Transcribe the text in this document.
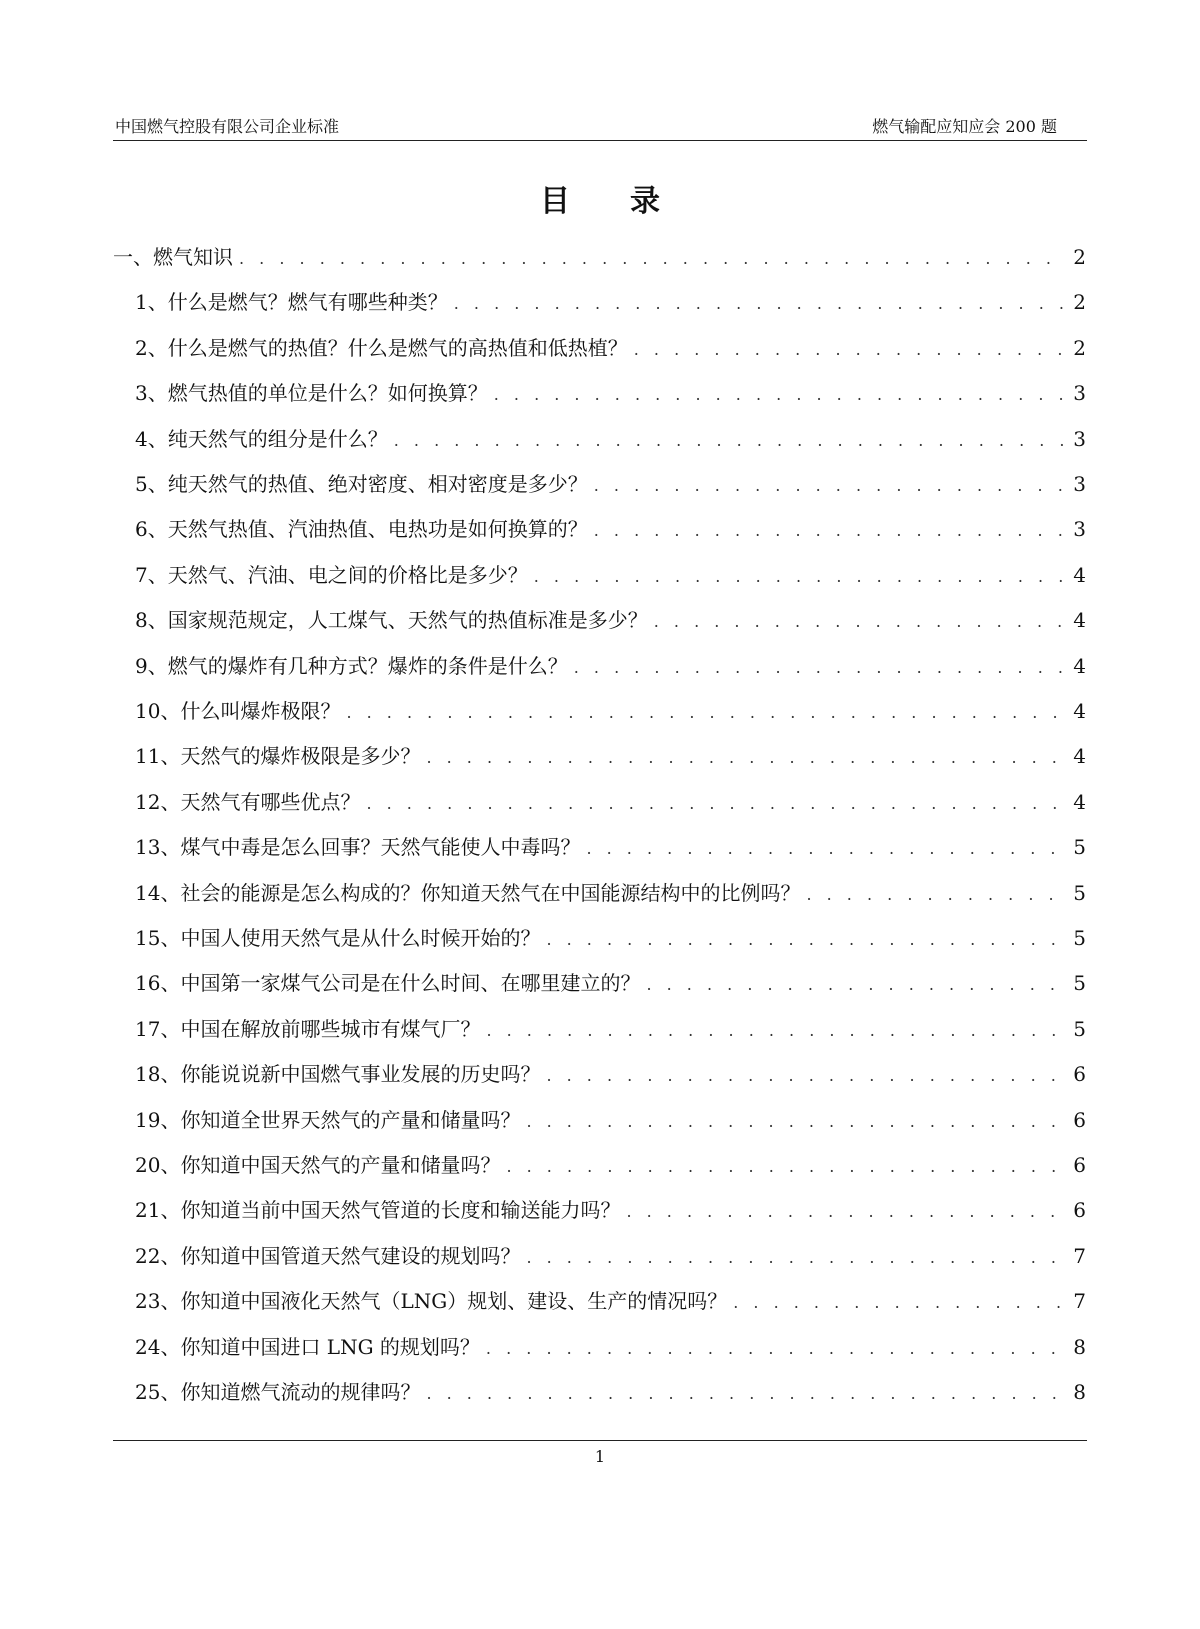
中国燃气控股有限公司企业标准	燃气输配应知应会 200 题
目录
一、燃气知识 . . .	2
1、什么是燃气？燃气有哪些种类？ . . .	2
2、什么是燃气的热值？什么是燃气的高热值和低热植？ . . .	2
3、燃气热值的单位是什么？如何换算？ . . .	3
4、纯天然气的组分是什么？ . . .	3
5、纯天然气的热值、绝对密度、相对密度是多少？ . . .	3
6、天然气热值、汽油热值、电热功是如何换算的？ . . .	3
7、天然气、汽油、电之间的价格比是多少？ . . .	4
8、国家规范规定，人工煤气、天然气的热值标准是多少？ . . .	4
9、燃气的爆炸有几种方式？爆炸的条件是什么？ . . .	4
10、什么叫爆炸极限？ . . .	4
11、天然气的爆炸极限是多少？ . . .	4
12、天然气有哪些优点？ . . .	4
13、煤气中毒是怎么回事？天然气能使人中毒吗？ . . .	5
14、社会的能源是怎么构成的？你知道天然气在中国能源结构中的比例吗？ . . .	5
15、中国人使用天然气是从什么时候开始的？ . . .	5
16、中国第一家煤气公司是在什么时间、在哪里建立的？ . . .	5
17、中国在解放前哪些城市有煤气厂？ . . .	5
18、你能说说新中国燃气事业发展的历史吗？ . . .	6
19、你知道全世界天然气的产量和储量吗？ . . .	6
20、你知道中国天然气的产量和储量吗？ . . .	6
21、你知道当前中国天然气管道的长度和输送能力吗？ . . .	6
22、你知道中国管道天然气建设的规划吗？ . . .	7
23、你知道中国液化天然气（LNG）规划、建设、生产的情况吗？ . . .	7
24、你知道中国进口 LNG 的规划吗？ . . .	8
25、你知道燃气流动的规律吗？ . . .	8
1
